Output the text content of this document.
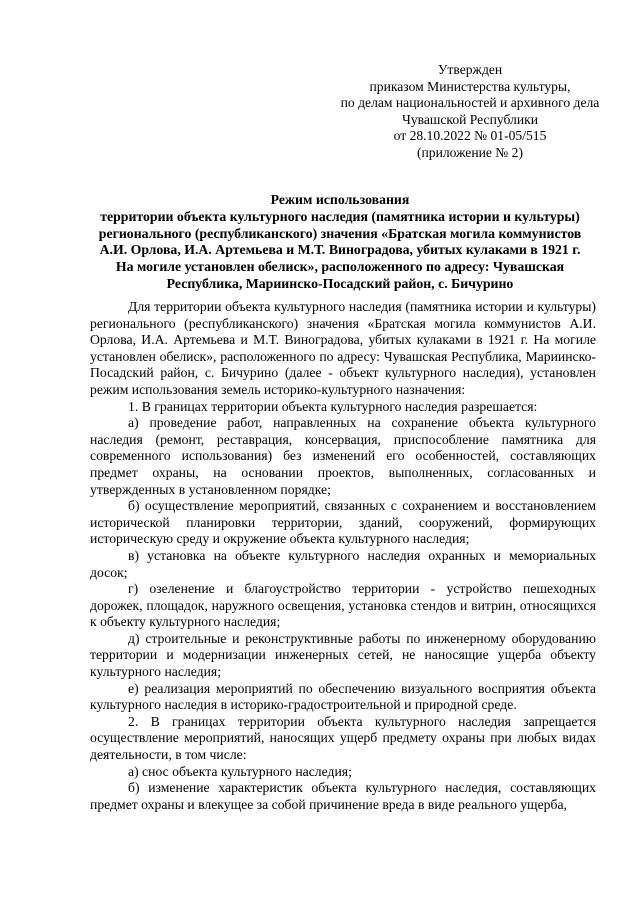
Утвержден
приказом Министерства культуры,
по делам национальностей и архивного дела
Чувашской Республики
от 28.10.2022 № 01-05/515
(приложение № 2)
Режим использования
территории объекта культурного наследия (памятника истории и культуры)
регионального (республиканского) значения «Братская могила коммунистов
А.И. Орлова, И.А. Артемьева и М.Т. Виноградова, убитых кулаками в 1921 г.
На могиле установлен обелиск», расположенного по адресу: Чувашская
Республика, Мариинско-Посадский район, с. Бичурино

Для территории объекта культурного наследия (памятника истории и культуры) регионального (республиканского) значения «Братская могила коммунистов А.И. Орлова, И.А. Артемьева и М.Т. Виноградова, убитых кулаками в 1921 г. На могиле установлен обелиск», расположенного по адресу: Чувашская Республика, Мариинско-Посадский район, с. Бичурино (далее - объект культурного наследия), установлен режим использования земель историко-культурного назначения:

1. В границах территории объекта культурного наследия разрешается:

а) проведение работ, направленных на сохранение объекта культурного наследия (ремонт, реставрация, консервация, приспособление памятника для современного использования) без изменений его особенностей, составляющих предмет охраны, на основании проектов, выполненных, согласованных и утвержденных в установленном порядке;

б) осуществление мероприятий, связанных с сохранением и восстановлением исторической планировки территории, зданий, сооружений, формирующих историческую среду и окружение объекта культурного наследия;

в) установка на объекте культурного наследия охранных и мемориальных досок;

г) озеленение и благоустройство территории - устройство пешеходных дорожек, площадок, наружного освещения, установка стендов и витрин, относящихся к объекту культурного наследия;

д) строительные и реконструктивные работы по инженерному оборудованию территории и модернизации инженерных сетей, не наносящие ущерба объекту культурного наследия;

е) реализация мероприятий по обеспечению визуального восприятия объекта культурного наследия в историко-градостроительной и природной среде.

2. В границах территории объекта культурного наследия запрещается осуществление мероприятий, наносящих ущерб предмету охраны при любых видах деятельности, в том числе:

а) снос объекта культурного наследия;

б) изменение характеристик объекта культурного наследия, составляющих предмет охраны и влекущее за собой причинение вреда в виде реального ущерба,
